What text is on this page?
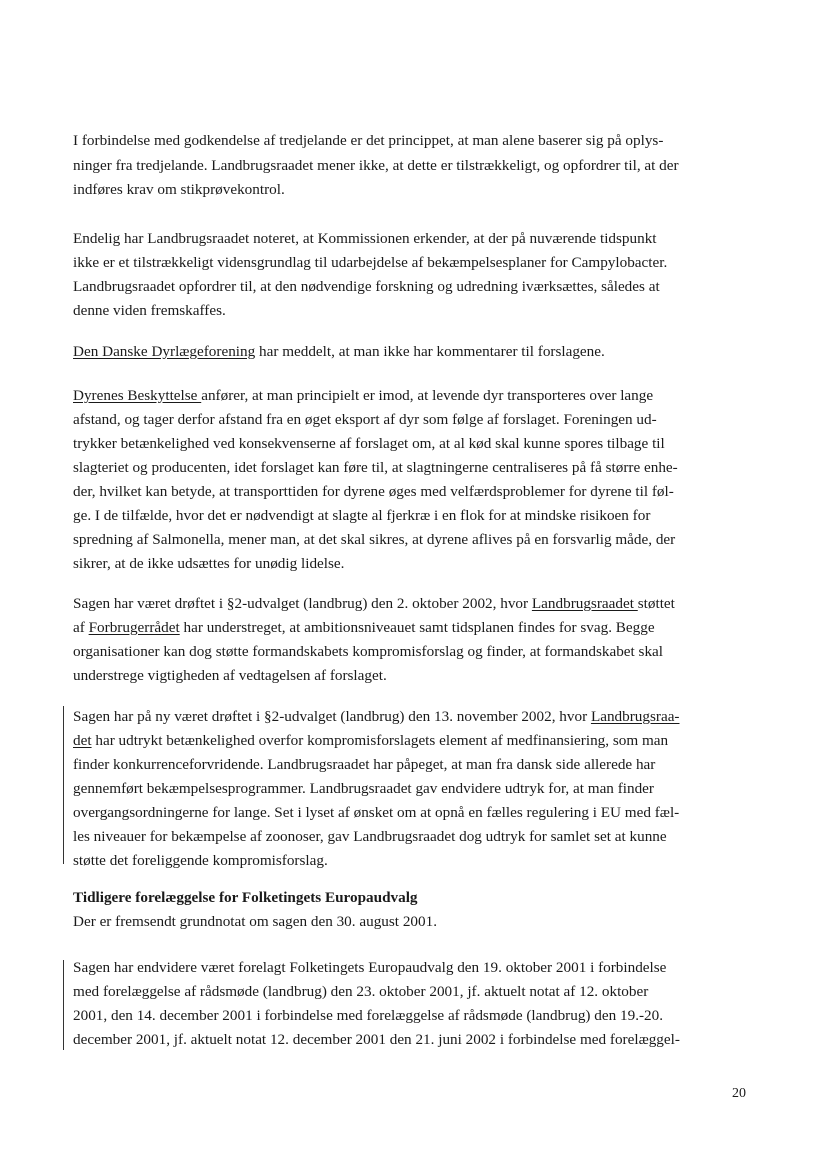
I forbindelse med godkendelse af tredjelande er det princippet, at man alene baserer sig på oplys-
ninger fra tredjelande. Landbrugsraadet mener ikke, at dette er tilstrækkeligt, og opfordrer til, at der
indføres krav om stikprøvekontrol.
Endelig har Landbrugsraadet noteret, at Kommissionen erkender, at der på nuværende tidspunkt
ikke er et tilstrækkeligt vidensgrundlag til udarbejdelse af bekæmpelsesplaner for Campylobacter.
Landbrugsraadet opfordrer til, at den nødvendige forskning og udredning iværksættes, således at
denne viden fremskaffes.
Den Danske Dyrlægeforening har meddelt, at man ikke har kommentarer til forslagene.
Dyrenes Beskyttelse anfører, at man principielt er imod, at levende dyr transporteres over lange
afstand, og tager derfor afstand fra en øget eksport af dyr som følge af forslaget. Foreningen ud-
trykker betænkelighed ved konsekvenserne af forslaget om, at al kød skal kunne spores tilbage til
slagteriet og producenten, idet forslaget kan føre til, at slagtningerne centraliseres på få større enhe-
der, hvilket kan betyde, at transporttiden for dyrene øges med velfærdsproblemer for dyrene til føl-
ge. I de tilfælde, hvor det er nødvendigt at slagte al fjerkræ i en flok for at mindske risikoen for
spredning af Salmonella, mener man, at det skal sikres, at dyrene aflives på en forsvarlig måde, der
sikrer, at de ikke udsættes for unødig lidelse.
Sagen har været drøftet i §2-udvalget (landbrug) den 2. oktober 2002, hvor Landbrugsraadet støttet
af Forbrugerrådet har understreget, at ambitionsniveauet samt tidsplanen findes for svag. Begge
organisationer kan dog støtte formandskabets kompromisforslag og finder, at formandskabet skal
understrege vigtigheden af vedtagelsen af forslaget.
Sagen har på ny været drøftet i §2-udvalget (landbrug) den 13. november 2002, hvor Landbrugsraa-
det har udtrykt betænkelighed overfor kompromisforslagets element af medfinansiering, som man
finder konkurrenceforvridende. Landbrugsraadet har påpeget, at man fra dansk side allerede har
gennemført bekæmpelsesprogrammer. Landbrugsraadet gav endvidere udtryk for, at man finder
overgangsordningerne for lange. Set i lyset af ønsket om at opnå en fælles regulering i EU med fæl-
les niveauer for bekæmpelse af zoonoser, gav Landbrugsraadet dog udtryk for samlet set at kunne
støtte det foreliggende kompromisforslag.
Tidligere forelæggelse for Folketingets Europaudvalg
Der er fremsendt grundnotat om sagen den 30. august 2001.
Sagen har endvidere været forelagt Folketingets Europaudvalg den 19. oktober 2001 i forbindelse
med forelæggelse af rådsmøde (landbrug) den 23. oktober 2001, jf. aktuelt notat af 12. oktober
2001, den 14. december 2001 i forbindelse med forelæggelse af rådsmøde (landbrug) den 19.-20.
december 2001, jf. aktuelt notat 12. december 2001 den 21. juni 2002 i forbindelse med forelæggel-
20
